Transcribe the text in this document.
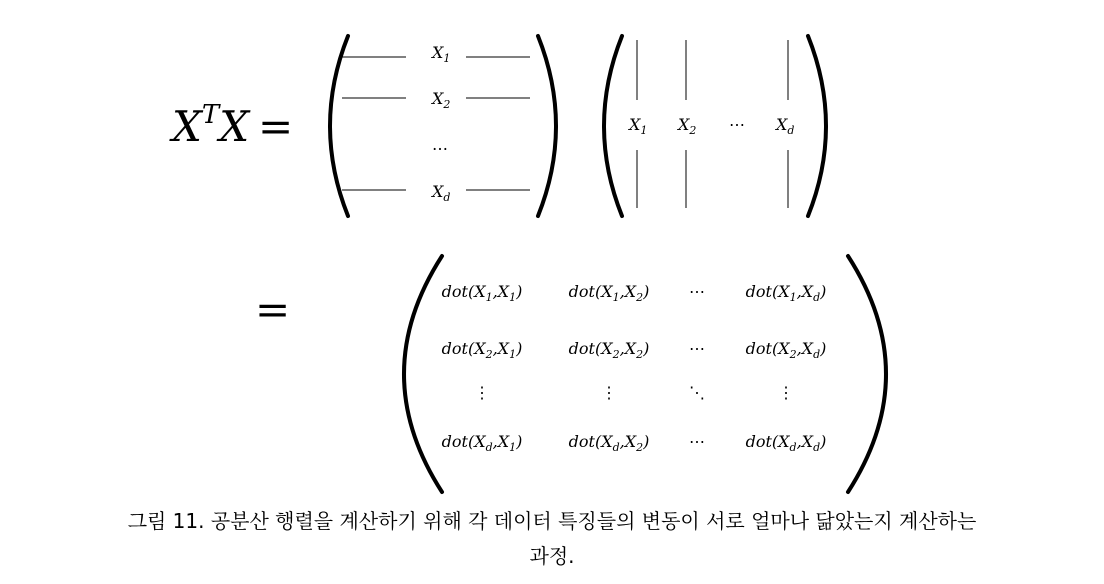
$X^TX$ =
=
$X_1$
$X_2$
…
$X_d$
$X_1$ $X_2$ ⋯ $X_d$
$dot(X_1,X_1)$	$dot(X_1,X_2)$ ⋯	$dot(X_1,X_d)$
$dot(X_2,X_1)$	$dot(X_2,X_2)$ ⋯	$dot(X_2,X_d)$
⋮	⋮	⋱	⋮
$dot(X_d,X_1)$	$dot(X_d,X_2)$ ⋯	$dot(X_d,X_d)$
그림 11. 공분산 행렬을 계산하기 위해 각 데이터 특징들의 변동이 서로 얼마나 닮았는지 계산하는
과정.
